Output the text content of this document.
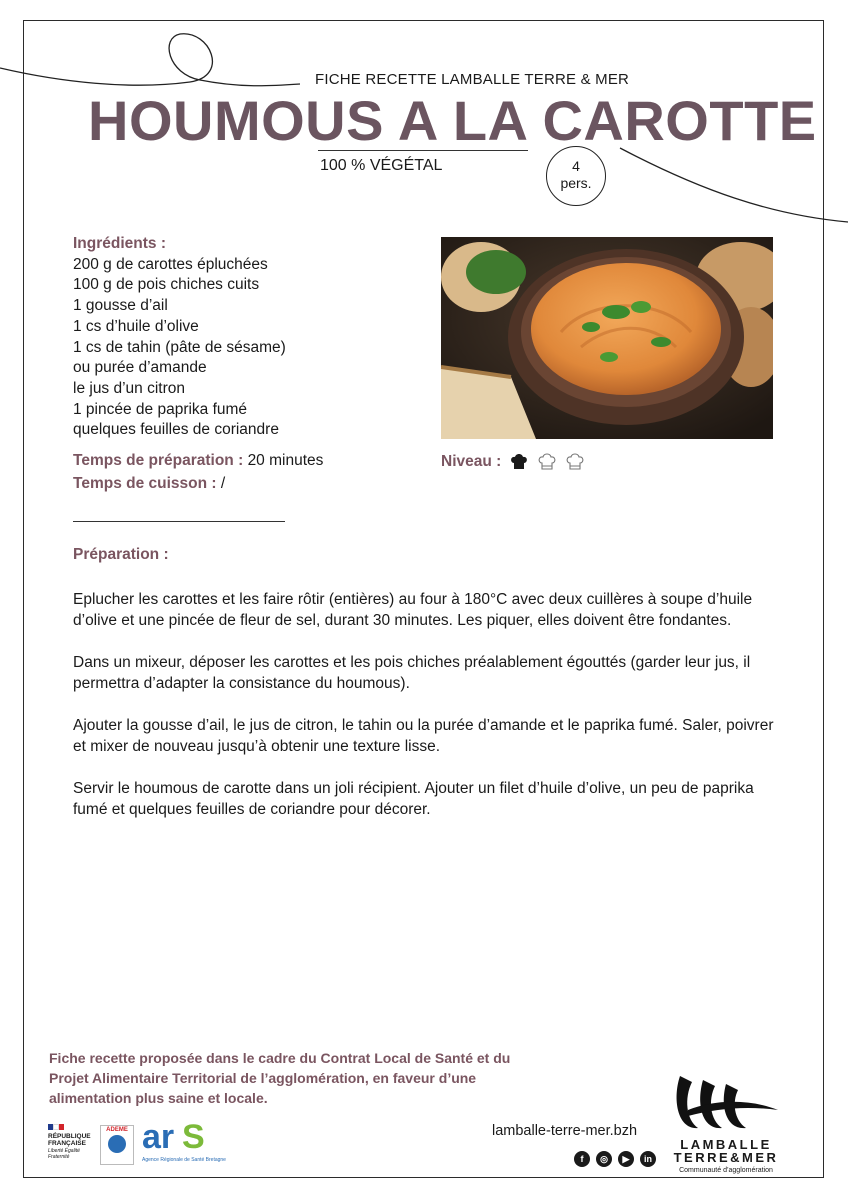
FICHE RECETTE LAMBALLE TERRE & MER
HOUMOUS A LA CAROTTE
100 % VÉGÉTAL	4
pers.
Ingrédients :
200 g de carottes épluchées
100 g de pois chiches cuits
1 gousse d’ail
1 cs d’huile d’olive
1 cs de tahin (pâte de sésame)
ou purée d’amande
le jus d’un citron
1 pincée de paprika fumé
quelques feuilles de coriandre
Temps de préparation : 20 minutes
Temps de cuisson : /
Niveau :
Préparation :

Eplucher les carottes et les faire rôtir (entières) au four à 180°C avec deux cuillères à soupe d’huile d’olive et une pincée de fleur de sel, durant 30 minutes. Les piquer, elles doivent être fondantes.

Dans un mixeur, déposer les carottes et les pois chiches préalablement égouttés (garder leur jus, il permettra d’adapter la consistance du houmous).

Ajouter la gousse d’ail, le jus de citron, le tahin ou la purée d’amande et le paprika fumé. Saler, poivrer et mixer de nouveau jusqu’à obtenir une texture lisse.

Servir le houmous de carotte dans un joli récipient. Ajouter un filet d’huile d’olive, un peu de paprika fumé et quelques feuilles de coriandre pour décorer.

Fiche recette proposée dans le cadre du Contrat Local de Santé et du Projet Alimentaire Territorial de l’agglomération, en faveur d’une alimentation plus saine et locale.
RÉPUBLIQUE
FRANÇAISE
Liberté Égalité Fraternité
ADEME ar S
Agence Régionale de Santé Bretagne
lamballe-terre-mer.bzh
f	◎	▶	in
LAMBALLE
TERRE&MER
Communauté d’agglomération
